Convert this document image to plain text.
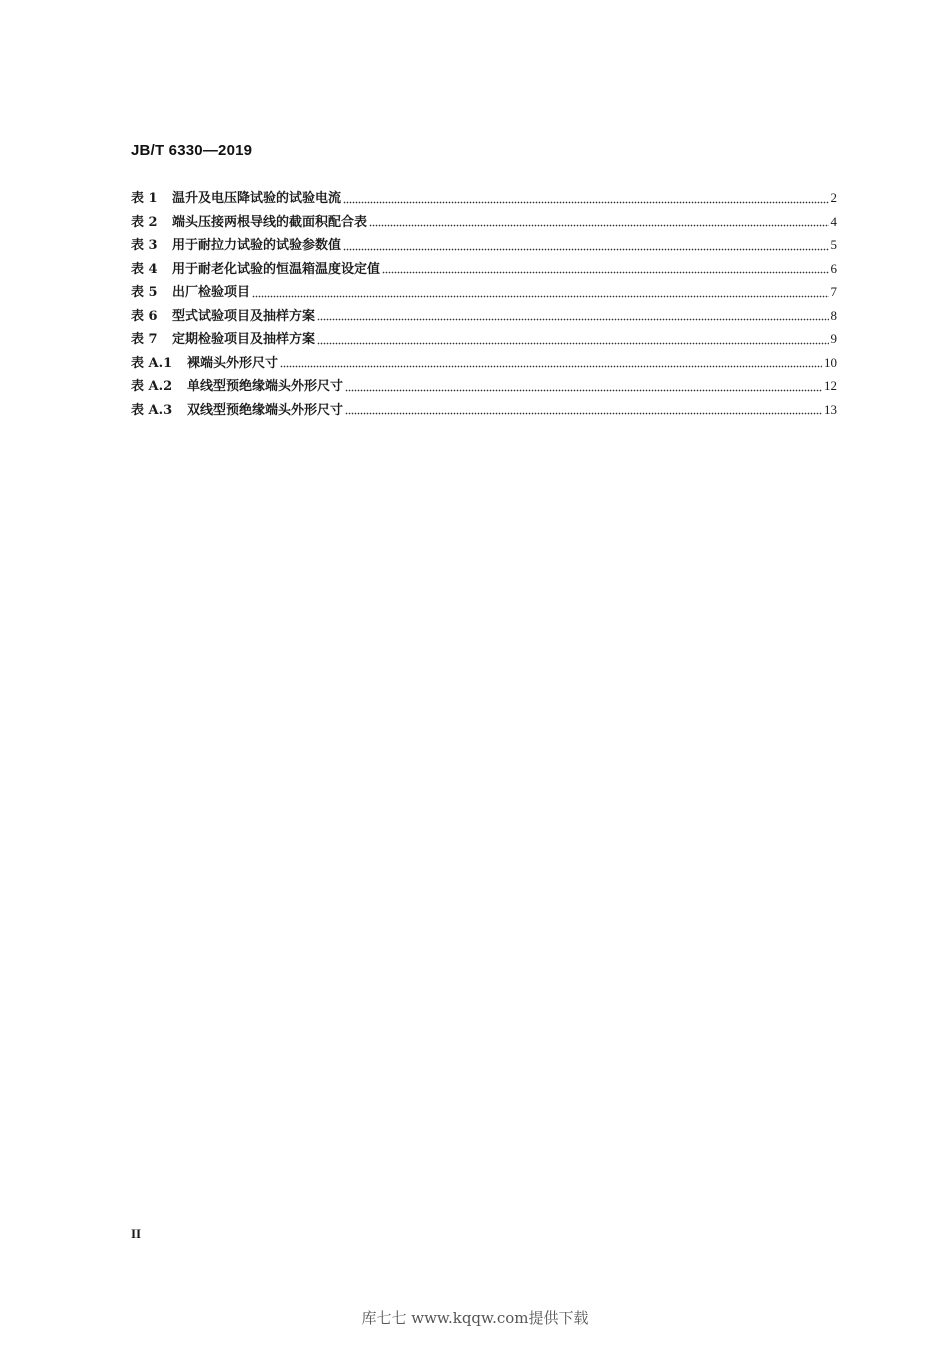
JB/T 6330—2019
表 1	温升及电压降试验的试验电流	2
表 2	端头压接两根导线的截面积配合表	4
表 3	用于耐拉力试验的试验参数值	5
表 4	用于耐老化试验的恒温箱温度设定值	6
表 5	出厂检验项目	7
表 6	型式试验项目及抽样方案	8
表 7	定期检验项目及抽样方案	9
表 A.1	裸端头外形尺寸	10
表 A.2	单线型预绝缘端头外形尺寸	12
表 A.3	双线型预绝缘端头外形尺寸	13
II
库七七 www.kqqw.com提供下载
